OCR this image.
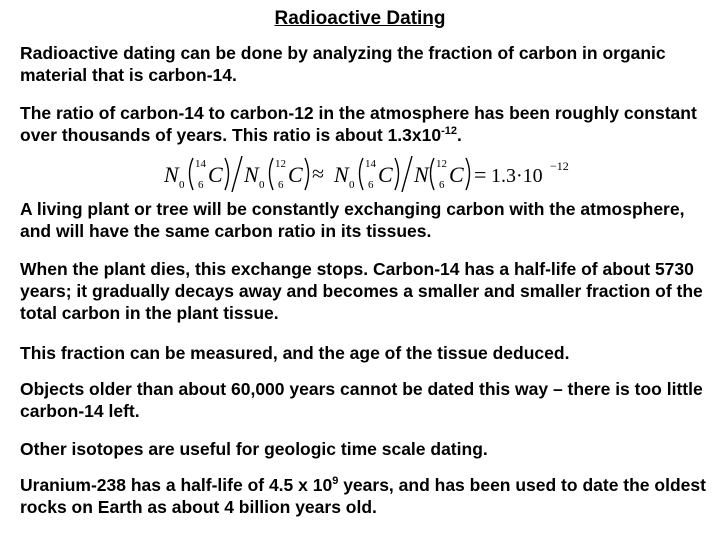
Radioactive Dating

Radioactive dating can be done by analyzing the fraction of carbon in organic material that is carbon-14.

The ratio of carbon-14 to carbon-12 in the atmosphere has been roughly constant over thousands of years. This ratio is about $1.3x10^{-12}$.

N 0
14
6 C N 0
12
6 C ≈ N 0
14
6 C N 12
6 C = 1.3·10 −12

A living plant or tree will be constantly exchanging carbon with the atmosphere, and will have the same carbon ratio in its tissues.

When the plant dies, this exchange stops. Carbon-14 has a half-life of about 5730 years; it gradually decays away and becomes a smaller and smaller fraction of the total carbon in the plant tissue.

This fraction can be measured, and the age of the tissue deduced.

Objects older than about 60,000 years cannot be dated this way – there is too little carbon-14 left.

Other isotopes are useful for geologic time scale dating.

Uranium-238 has a half-life of 4.5 x $10^9$ years, and has been used to date the oldest rocks on Earth as about 4 billion years old.
